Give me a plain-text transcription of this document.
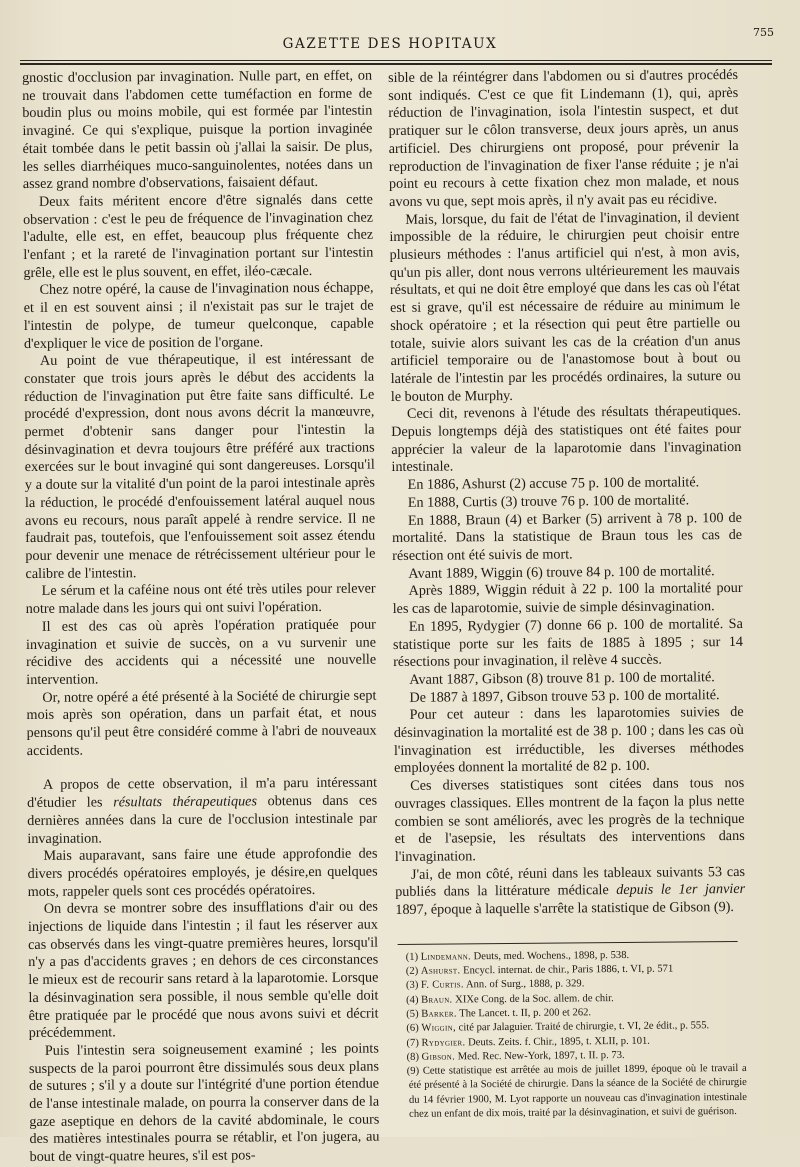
755
GAZETTE DES HOPITAUX

gnostic d'occlusion par invagination. Nulle part, en effet, on ne trouvait dans l'abdomen cette tuméfaction en forme de boudin plus ou moins mobile, qui est formée par l'intestin invaginé. Ce qui s'explique, puisque la portion invaginée était tombée dans le petit bassin où j'allai la saisir. De plus, les selles diarrhéiques muco-sanguinolentes, notées dans un assez grand nombre d'observations, faisaient défaut.

Deux faits méritent encore d'être signalés dans cette observation : c'est le peu de fréquence de l'invagination chez l'adulte, elle est, en effet, beaucoup plus fréquente chez l'enfant ; et la rareté de l'invagination portant sur l'intestin grêle, elle est le plus souvent, en effet, iléo-cæcale.

Chez notre opéré, la cause de l'invagination nous échappe, et il en est souvent ainsi ; il n'existait pas sur le trajet de l'intestin de polype, de tumeur quelconque, capable d'expliquer le vice de position de l'organe.

Au point de vue thérapeutique, il est intéressant de constater que trois jours après le début des accidents la réduction de l'invagination put être faite sans difficulté. Le procédé d'expression, dont nous avons décrit la manœuvre, permet d'obtenir sans danger pour l'intestin la désinvagination et devra toujours être préféré aux tractions exercées sur le bout invaginé qui sont dangereuses. Lorsqu'il y a doute sur la vitalité d'un point de la paroi intestinale après la réduction, le procédé d'enfouissement latéral auquel nous avons eu recours, nous paraît appelé à rendre service. Il ne faudrait pas, toutefois, que l'enfouissement soit assez étendu pour devenir une menace de rétrécissement ultérieur pour le calibre de l'intestin.

Le sérum et la caféine nous ont été très utiles pour relever notre malade dans les jours qui ont suivi l'opération.

Il est des cas où après l'opération pratiquée pour invagination et suivie de succès, on a vu survenir une récidive des accidents qui a nécessité une nouvelle intervention.

Or, notre opéré a été présenté à la Société de chirurgie sept mois après son opération, dans un parfait état, et nous pensons qu'il peut être considéré comme à l'abri de nouveaux accidents.

A propos de cette observation, il m'a paru intéressant d'étudier les résultats thérapeutiques obtenus dans ces dernières années dans la cure de l'occlusion intestinale par invagination.

Mais auparavant, sans faire une étude approfondie des divers procédés opératoires employés, je désire,en quelques mots, rappeler quels sont ces procédés opératoires.

On devra se montrer sobre des insufflations d'air ou des injections de liquide dans l'intestin ; il faut les réserver aux cas observés dans les vingt-quatre premières heures, lorsqu'il n'y a pas d'accidents graves ; en dehors de ces circonstances le mieux est de recourir sans retard à la laparotomie. Lorsque la désinvagination sera possible, il nous semble qu'elle doit être pratiquée par le procédé que nous avons suivi et décrit précédemment.

Puis l'intestin sera soigneusement examiné ; les points suspects de la paroi pourront être dissimulés sous deux plans de sutures ; s'il y a doute sur l'intégrité d'une portion étendue de l'anse intestinale malade, on pourra la conserver dans de la gaze aseptique en dehors de la cavité abdominale, le cours des matières intestinales pourra se rétablir, et l'on jugera, au bout de vingt-quatre heures, s'il est pos-

sible de la réintégrer dans l'abdomen ou si d'autres procédés sont indiqués. C'est ce que fit Lindemann (1), qui, après réduction de l'invagination, isola l'intestin suspect, et dut pratiquer sur le côlon transverse, deux jours après, un anus artificiel. Des chirurgiens ont proposé, pour prévenir la reproduction de l'invagination de fixer l'anse réduite ; je n'ai point eu recours à cette fixation chez mon malade, et nous avons vu que, sept mois après, il n'y avait pas eu récidive.

Mais, lorsque, du fait de l'état de l'invagination, il devient impossible de la réduire, le chirurgien peut choisir entre plusieurs méthodes : l'anus artificiel qui n'est, à mon avis, qu'un pis aller, dont nous verrons ultérieurement les mauvais résultats, et qui ne doit être employé que dans les cas où l'état est si grave, qu'il est nécessaire de réduire au minimum le shock opératoire ; et la résection qui peut être partielle ou totale, suivie alors suivant les cas de la création d'un anus artificiel temporaire ou de l'anastomose bout à bout ou latérale de l'intestin par les procédés ordinaires, la suture ou le bouton de Murphy.

Ceci dit, revenons à l'étude des résultats thérapeutiques. Depuis longtemps déjà des statistiques ont été faites pour apprécier la valeur de la laparotomie dans l'invagination intestinale.

En 1886, Ashurst (2) accuse 75 p. 100 de mortalité.

En 1888, Curtis (3) trouve 76 p. 100 de mortalité.

En 1888, Braun (4) et Barker (5) arrivent à 78 p. 100 de mortalité. Dans la statistique de Braun tous les cas de résection ont été suivis de mort.

Avant 1889, Wiggin (6) trouve 84 p. 100 de mortalité.

Après 1889, Wiggin réduit à 22 p. 100 la mortalité pour les cas de laparotomie, suivie de simple désinvagination.

En 1895, Rydygier (7) donne 66 p. 100 de mortalité. Sa statistique porte sur les faits de 1885 à 1895 ; sur 14 résections pour invagination, il relève 4 succès.

Avant 1887, Gibson (8) trouve 81 p. 100 de mortalité.

De 1887 à 1897, Gibson trouve 53 p. 100 de mortalité.

Pour cet auteur : dans les laparotomies suivies de désinvagination la mortalité est de 38 p. 100 ; dans les cas où l'invagination est irréductible, les diverses méthodes employées donnent la mortalité de 82 p. 100.

Ces diverses statistiques sont citées dans tous nos ouvrages classiques. Elles montrent de la façon la plus nette combien se sont améliorés, avec les progrès de la technique et de l'asepsie, les résultats des interventions dans l'invagination.

J'ai, de mon côté, réuni dans les tableaux suivants 53 cas publiés dans la littérature médicale depuis le 1er janvier 1897, époque à laquelle s'arrête la statistique de Gibson (9).

(1) Lindemann. Deuts, med. Wochens., 1898, p. 538.

(2) Ashurst. Encycl. internat. de chir., Paris 1886, t. VI, p. 571

(3) F. Curtis. Ann. of Surg., 1888, p. 329.

(4) Braun. XIXe Cong. de la Soc. allem. de chir.

(5) Barker. The Lancet. t. II, p. 200 et 262.

(6) Wiggin, cité par Jalaguier. Traité de chirurgie, t. VI, 2e édit., p. 555.

(7) Rydygier. Deuts. Zeits. f. Chir., 1895, t. XLII, p. 101.

(8) Gibson. Med. Rec. New-York, 1897, t. II. p. 73.

(9) Cette statistique est arrêtée au mois de juillet 1899, époque où le travail a été présenté à la Société de chirurgie. Dans la séance de la Société de chirurgie du 14 février 1900, M. Lyot rapporte un nouveau cas d'invagination intestinale chez un enfant de dix mois, traité par la désinvagination, et suivi de guérison.
